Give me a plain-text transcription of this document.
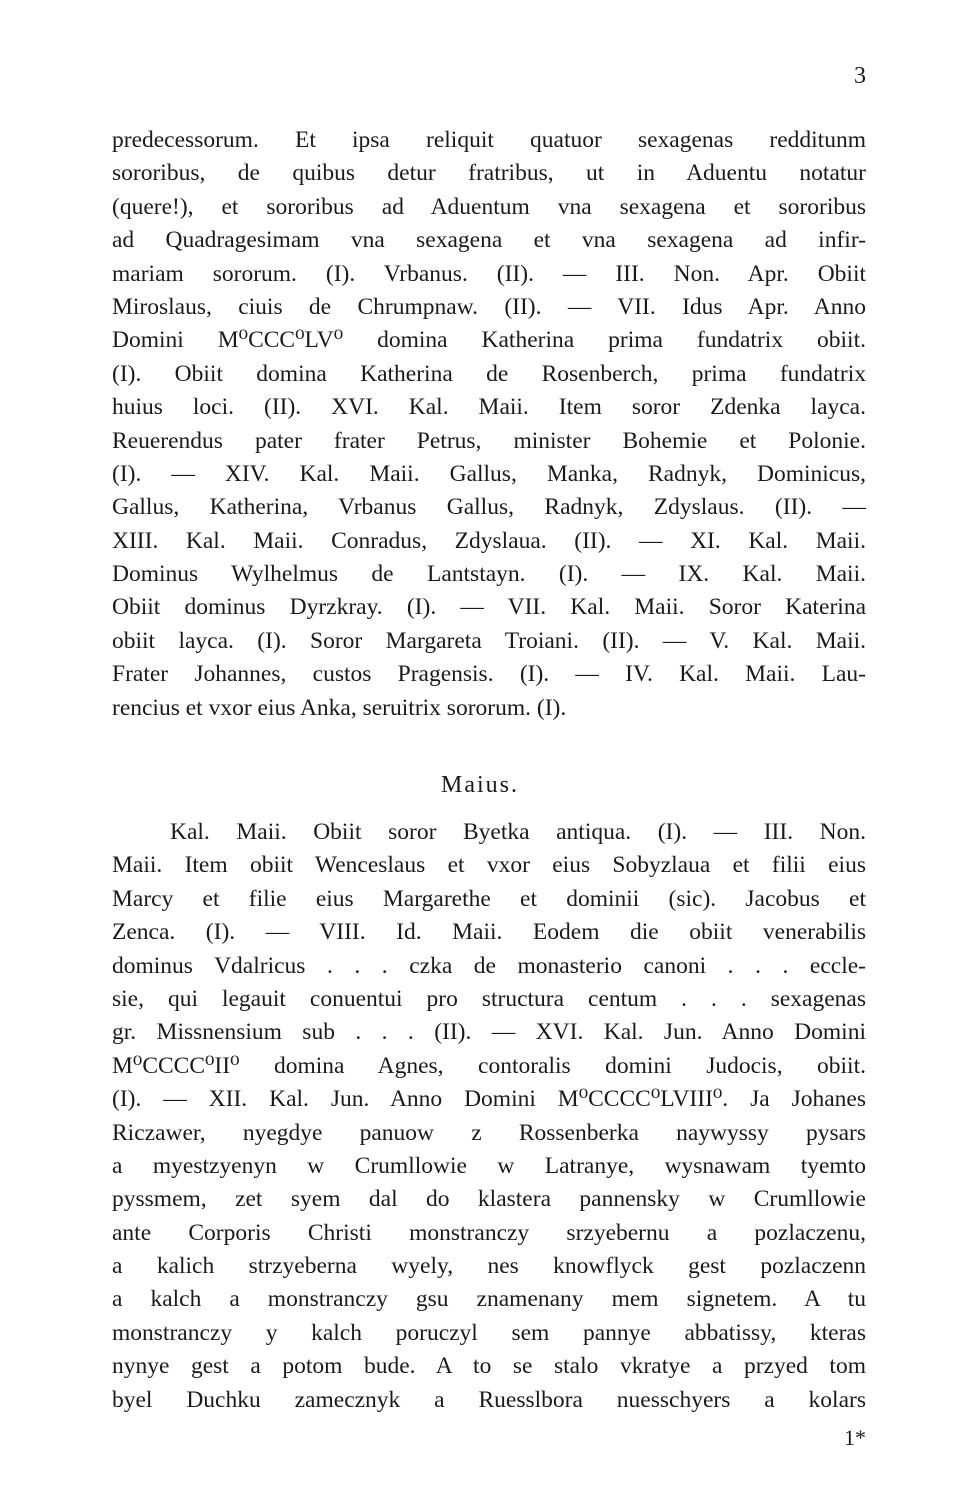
3
predecessorum. Et ipsa reliquit quatuor sexagenas redditunm
sororibus, de quibus detur fratribus, ut in Aduentu notatur
(quere!), et sororibus ad Aduentum vna sexagena et sororibus
ad Quadragesimam vna sexagena et vna sexagena ad infir-
mariam sororum. (I). Vrbanus. (II). — III. Non. Apr. Obiit
Miroslaus, ciuis de Chrumpnaw. (II). — VII. Idus Apr. Anno
Domini M⁰CCC⁰LV⁰ domina Katherina prima fundatrix obiit.
(I). Obiit domina Katherina de Rosenberch, prima fundatrix
huius loci. (II). XVI. Kal. Maii. Item soror Zdenka layca.
Reuerendus pater frater Petrus, minister Bohemie et Polonie.
(I). — XIV. Kal. Maii. Gallus, Manka, Radnyk, Dominicus,
Gallus, Katherina, Vrbanus Gallus, Radnyk, Zdyslaus. (II). —
XIII. Kal. Maii. Conradus, Zdyslaua. (II). — XI. Kal. Maii.
Dominus Wylhelmus de Lantstayn. (I). — IX. Kal. Maii.
Obiit dominus Dyrzkray. (I). — VII. Kal. Maii. Soror Katerina
obiit layca. (I). Soror Margareta Troiani. (II). — V. Kal. Maii.
Frater Johannes, custos Pragensis. (I). — IV. Kal. Maii. Lau-
rencius et vxor eius Anka, seruitrix sororum. (I).
Maius.
Kal. Maii. Obiit soror Byetka antiqua. (I). — III. Non.
Maii. Item obiit Wenceslaus et vxor eius Sobyzlaua et filii eius
Marcy et filie eius Margarethe et dominii (sic). Jacobus et
Zenca. (I). — VIII. Id. Maii. Eodem die obiit venerabilis
dominus Vdalricus . . . czka de monasterio canoni . . . eccle-
sie, qui legauit conuentui pro structura centum . . . sexagenas
gr. Missnensium sub . . . (II). — XVI. Kal. Jun. Anno Domini
M⁰CCCC⁰II⁰ domina Agnes, contoralis domini Judocis, obiit.
(I). — XII. Kal. Jun. Anno Domini M⁰CCCC⁰LVIII⁰. Ja Johanes
Riczawer, nyegdye panuow z Rossenberka naywyssy pysars
a myestzyenyn w Crumllowie w Latranye, wysnawam tyemto
pyssmem, zet syem dal do klastera pannensky w Crumllowie
ante Corporis Christi monstranczy srzyebernu a pozlaczenu,
a kalich strzyeberna wyely, nes knowflyck gest pozlaczenn
a kalch a monstranczy gsu znamenany mem signetem. A tu
monstranczy y kalch poruczyl sem pannye abbatissy, kteras
nynye gest a potom bude. A to se stalo vkratye a przyed tom
byel Duchku zamecznyk a Ruesslbora nuesschyers a kolars
1*
